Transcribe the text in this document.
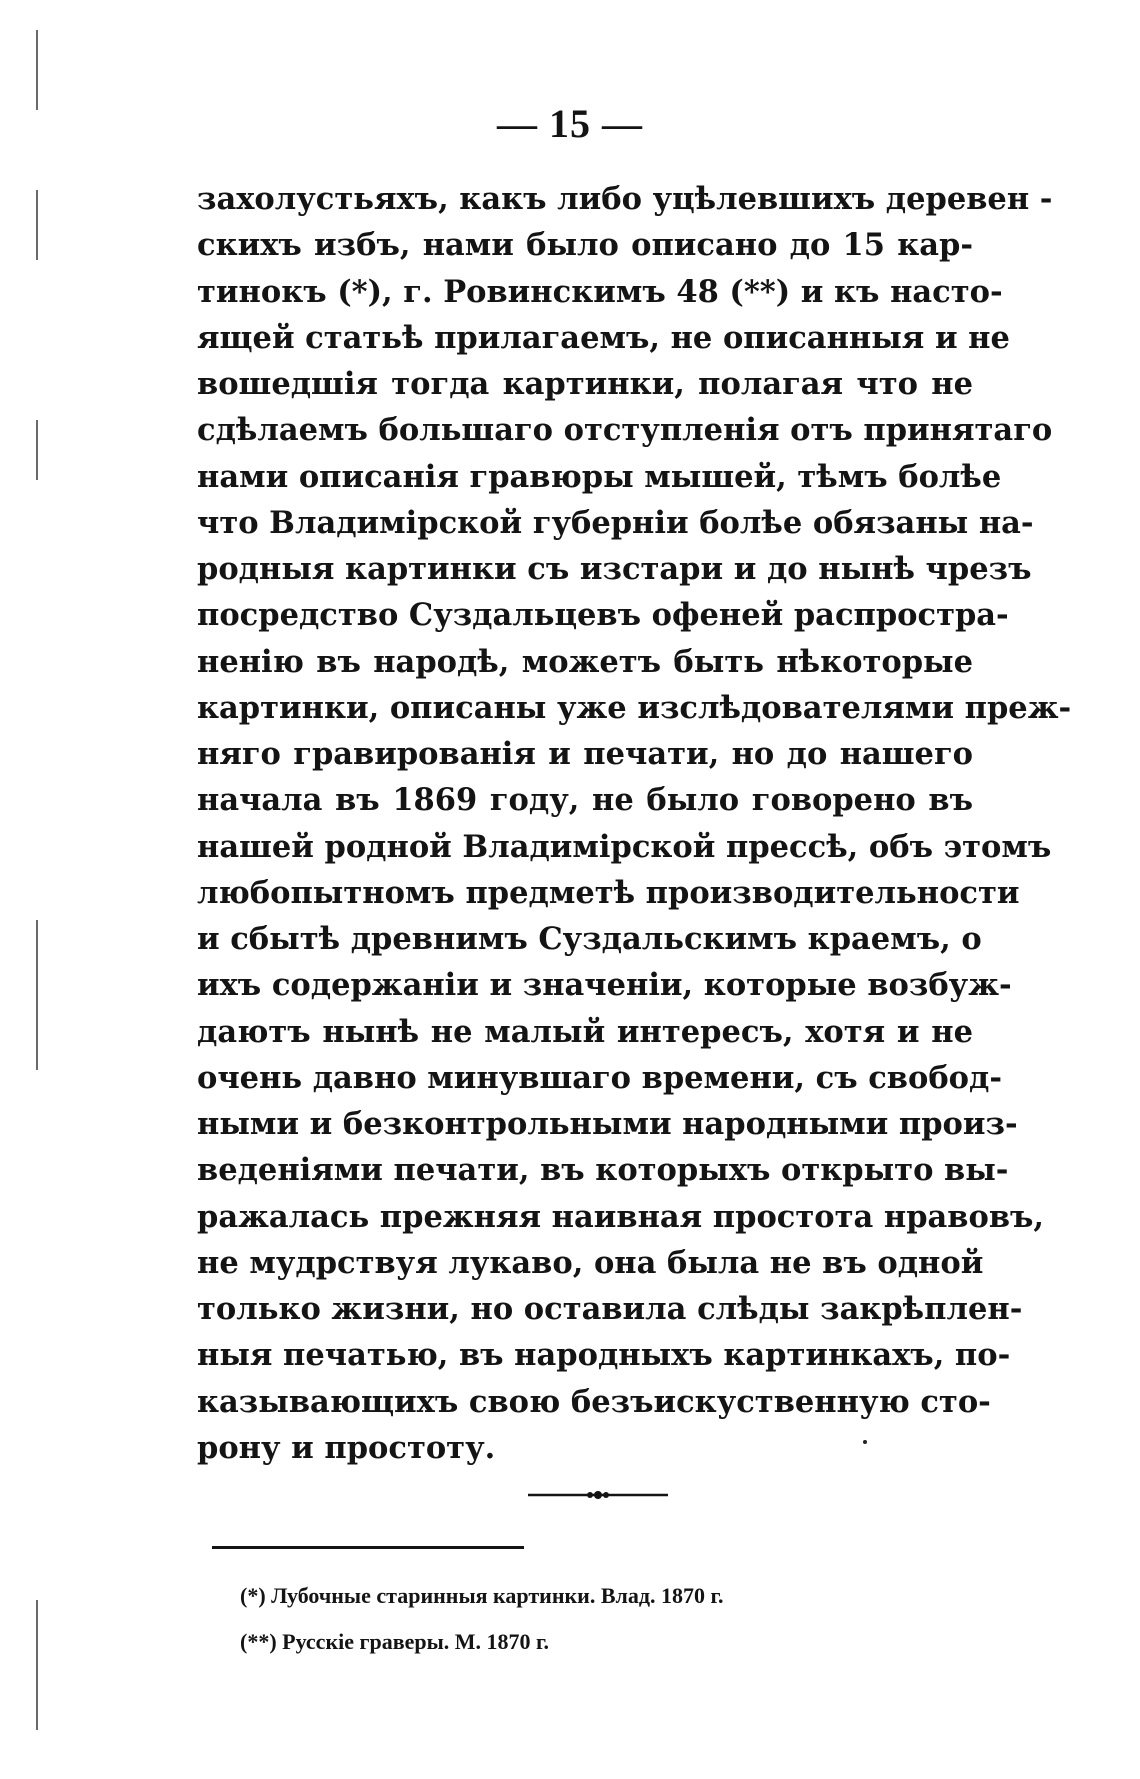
— 15 —
захолустьяхъ, какъ либо уцѣлевшихъ деревен -
скихъ избъ, нами было описано до 15 кар-
тинокъ (*), г. Ровинскимъ 48 (**) и къ насто-
ящей статьѣ прилагаемъ, не описанныя и не
вошедшія тогда картинки, полагая что не
сдѣлаемъ большаго отступленія отъ принятаго
нами описанія гравюры мышей, тѣмъ болѣе
что Владимірской губерніи болѣе обязаны на-
родныя картинки съ изстари и до нынѣ чрезъ
посредство Суздальцевъ офеней распростра-
ненію въ народѣ, можетъ быть нѣкоторые
картинки, описаны уже изслѣдователями преж-
няго гравированія и печати, но до нашего
начала въ 1869 году, не было говорено въ
нашей родной Владимірской прессѣ, объ этомъ
любопытномъ предметѣ производительности
и сбытѣ древнимъ Суздальскимъ краемъ, о
ихъ содержаніи и значеніи, которые возбуж-
даютъ нынѣ не малый интересъ, хотя и не
очень давно минувшаго времени, съ свобод-
ными и безконтрольными народными произ-
веденіями печати, въ которыхъ открыто вы-
ражалась прежняя наивная простота нравовъ,
не мудрствуя лукаво, она была не въ одной
только жизни, но оставила слѣды закрѣплен-
ныя печатью, въ народныхъ картинкахъ, по-
казывающихъ свою безъискуственную сто-
рону и простоту.
(*) Лубочные старинныя картинки. Влад. 1870 г.
(**) Русскіе граверы. М. 1870 г.
